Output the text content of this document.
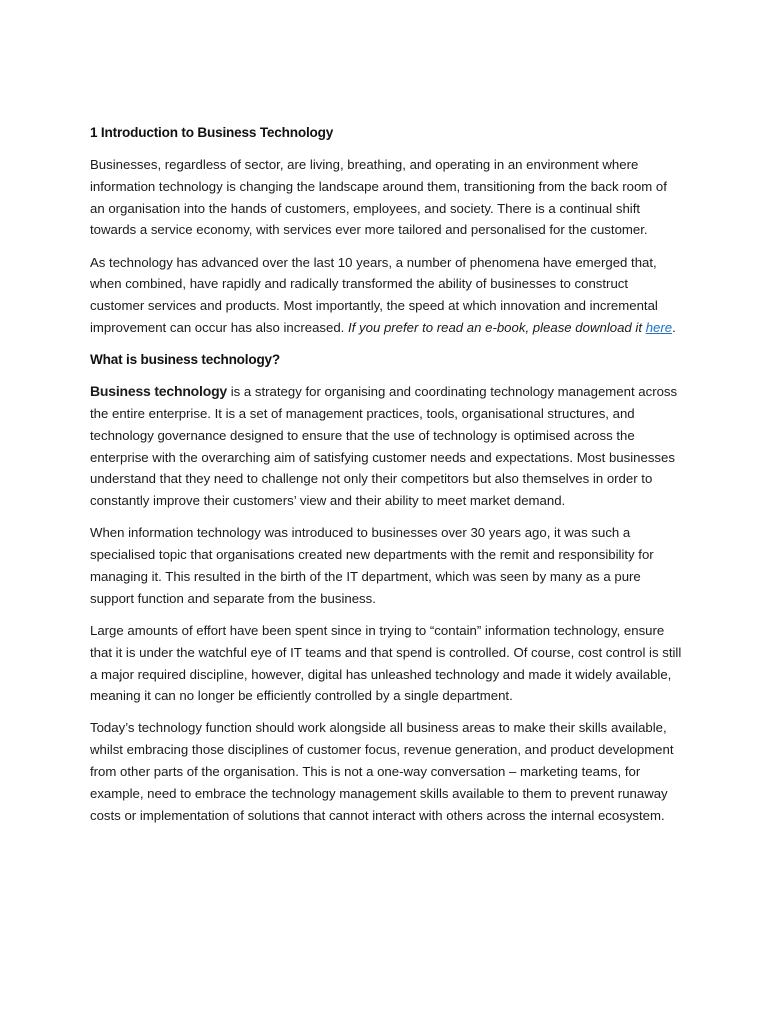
1 Introduction to Business Technology

Businesses, regardless of sector, are living, breathing, and operating in an environment where information technology is changing the landscape around them, transitioning from the back room of an organisation into the hands of customers, employees, and society. There is a continual shift towards a service economy, with services ever more tailored and personalised for the customer.

As technology has advanced over the last 10 years, a number of phenomena have emerged that, when combined, have rapidly and radically transformed the ability of businesses to construct customer services and products. Most importantly, the speed at which innovation and incremental improvement can occur has also increased. If you prefer to read an e-book, please download it here.

What is business technology?

Business technology is a strategy for organising and coordinating technology management across the entire enterprise. It is a set of management practices, tools, organisational structures, and technology governance designed to ensure that the use of technology is optimised across the enterprise with the overarching aim of satisfying customer needs and expectations. Most businesses understand that they need to challenge not only their competitors but also themselves in order to constantly improve their customers’ view and their ability to meet market demand.

When information technology was introduced to businesses over 30 years ago, it was such a specialised topic that organisations created new departments with the remit and responsibility for managing it. This resulted in the birth of the IT department, which was seen by many as a pure support function and separate from the business.

Large amounts of effort have been spent since in trying to “contain” information technology, ensure that it is under the watchful eye of IT teams and that spend is controlled. Of course, cost control is still a major required discipline, however, digital has unleashed technology and made it widely available, meaning it can no longer be efficiently controlled by a single department.

Today’s technology function should work alongside all business areas to make their skills available, whilst embracing those disciplines of customer focus, revenue generation, and product development from other parts of the organisation. This is not a one-way conversation – marketing teams, for example, need to embrace the technology management skills available to them to prevent runaway costs or implementation of solutions that cannot interact with others across the internal ecosystem.
